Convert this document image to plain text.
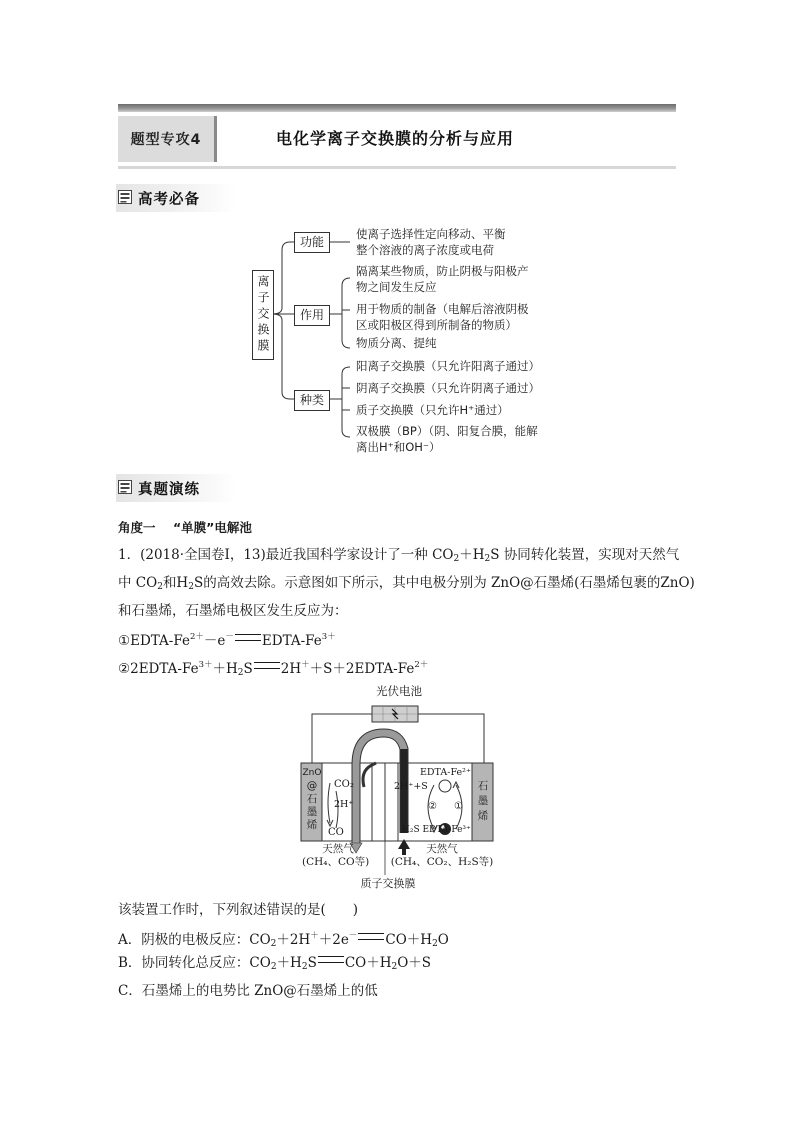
题型专攻4	电化学离子交换膜的分析与应用
高考必备
离子交换膜
功能
作用
种类
使离子选择性定向移动、平衡
整个溶液的离子浓度或电荷
隔离某些物质，防止阴极与阳极产
物之间发生反应
用于物质的制备（电解后溶液阴极
区或阳极区得到所制备的物质）
物质分离、提纯
阳离子交换膜（只允许阳离子通过）
阴离子交换膜（只允许阴离子通过）
质子交换膜（只允许H⁺通过）
双极膜（BP）（阴、阳复合膜，能解
离出H⁺和OH⁻）
真题演练
角度一 “单膜”电解池
1．(2018·全国卷Ⅰ，13)最近我国科学家设计了一种 $CO_2+H_2S$ 协同转化装置，实现对天然气
中 $CO_2$和$H_2S$的高效去除。示意图如下所示，其中电极分别为 ZnO@石墨烯(石墨烯包裹的ZnO)
和石墨烯，石墨烯电极区发生反应为：
①EDTA-$Fe^{2+}-e^-$ EDTA-$Fe^{3+}$
$②2EDTA-Fe^{3+}+H_2S$ $2H^++S+2EDTA-Fe^{2+}$
光伏电池
ZnO
@
石
墨
烯
石
墨
烯
CO₂
2H⁺
CO
EDTA-Fe²⁺
2H⁺+S
② ①
H₂S EDTA-Fe³⁺
天然气
(CH₄、CO等)
天然气
(CH₄、CO₂、H₂S等)
质子交换膜
该装置工作时，下列叙述错误的是(　　)
A．阴极的电极反应：$CO_2+2H^++2e^-$ $CO+H_2O$
B．协同转化总反应：$CO_2+H_2S$ $CO+H_2O+S$
C．石墨烯上的电势比 ZnO@石墨烯上的低
